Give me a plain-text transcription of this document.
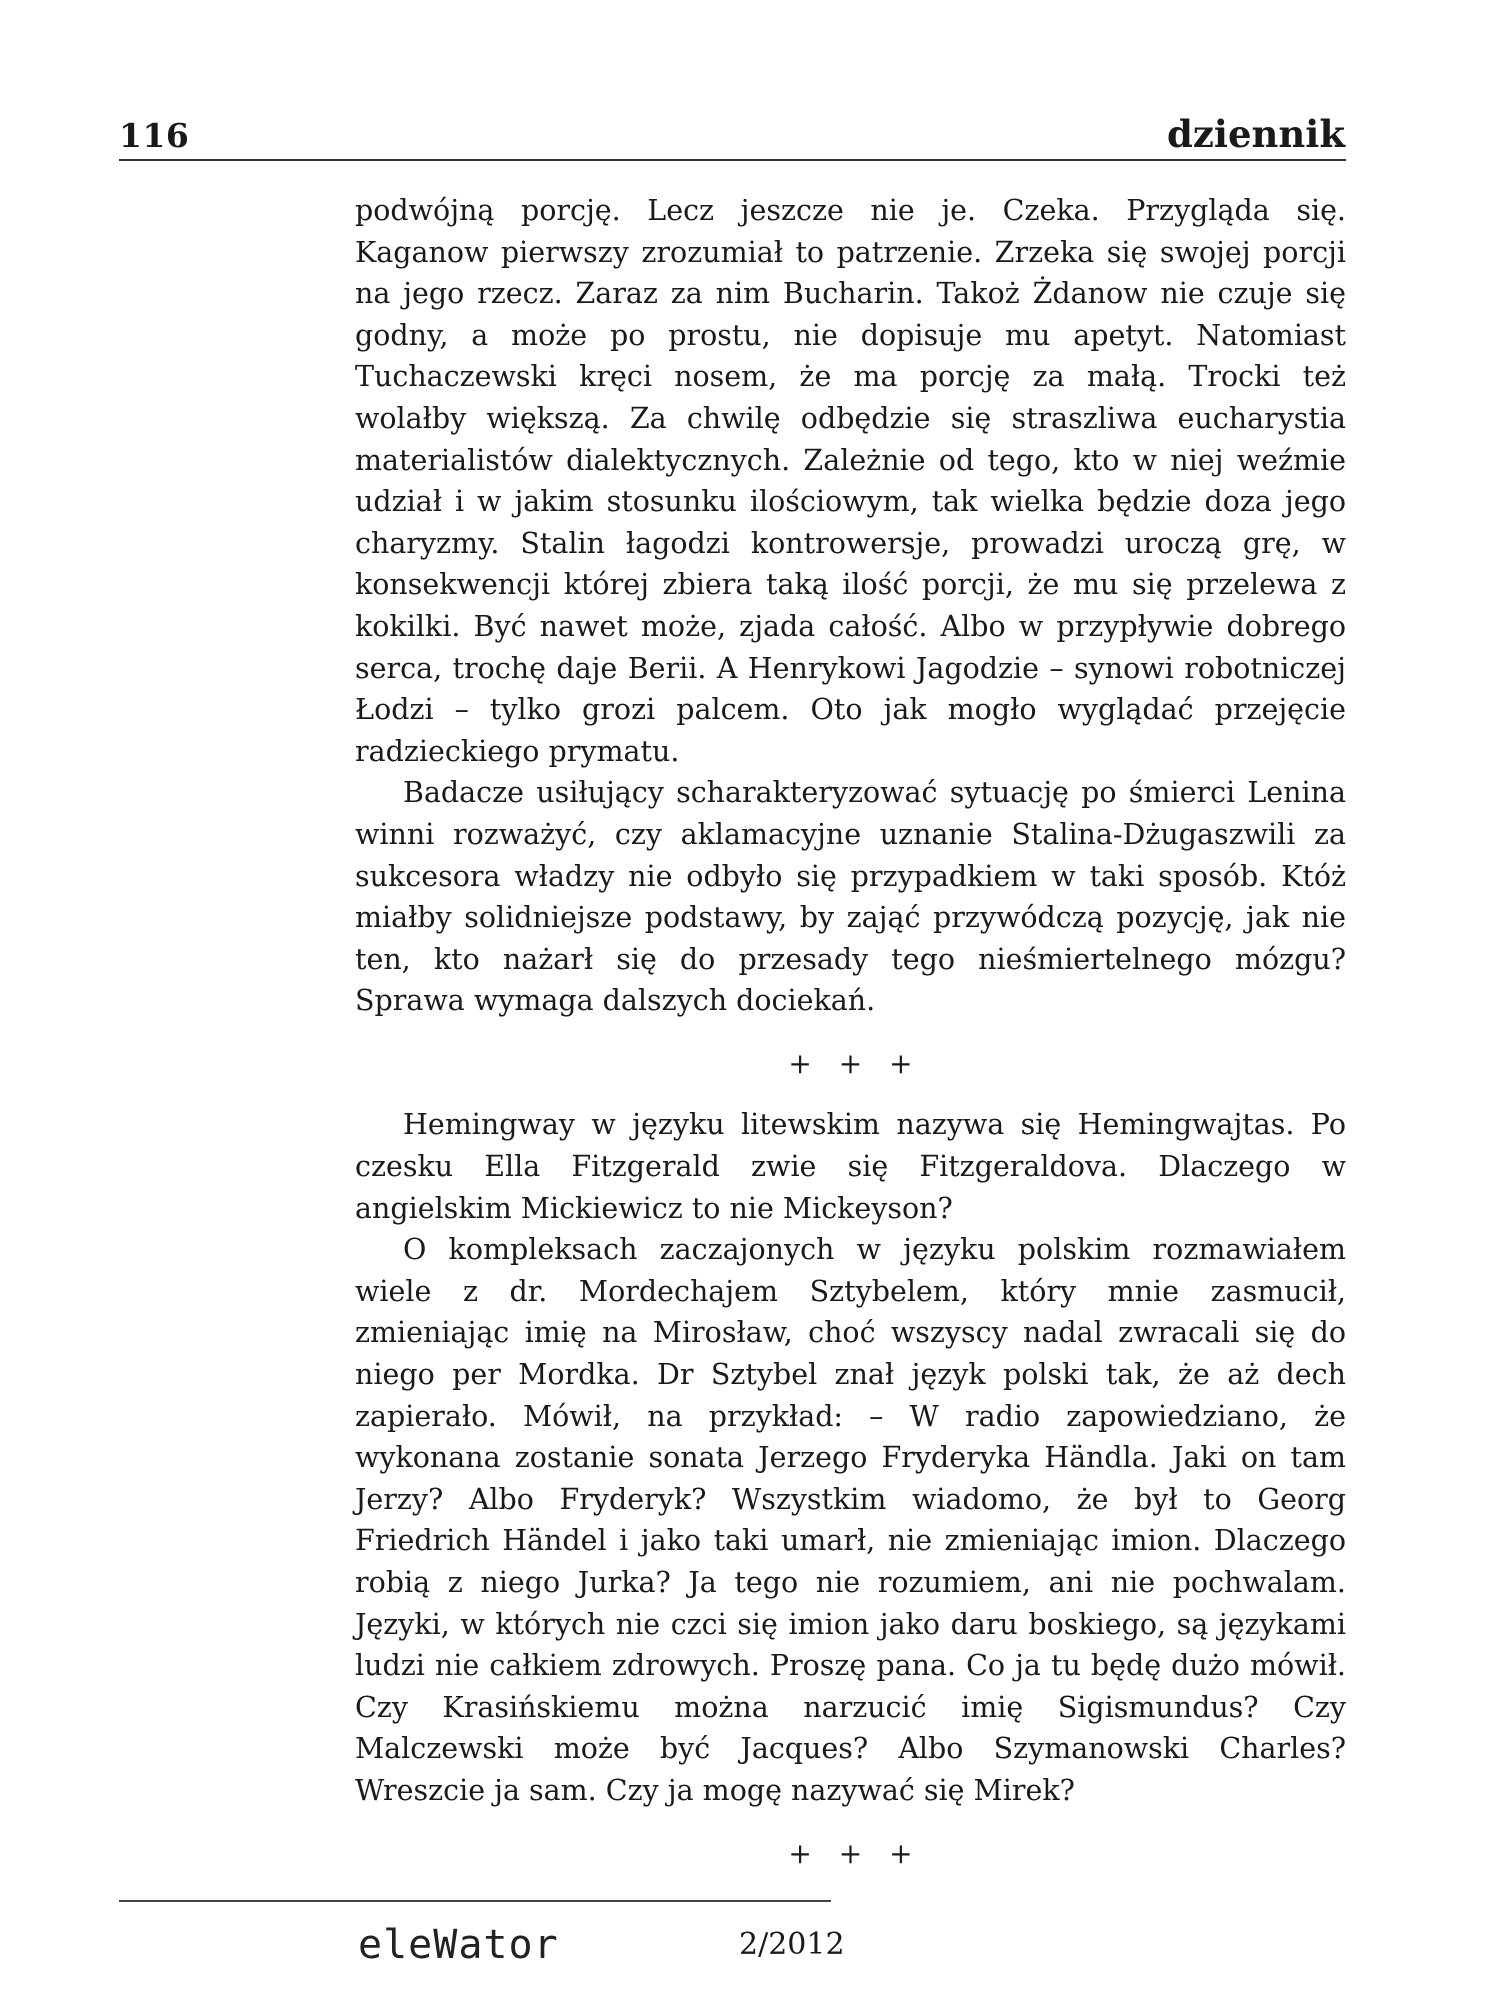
116	dziennik

podwójną porcję. Lecz jeszcze nie je. Czeka. Przygląda się. Kaganow pierwszy zrozumiał to patrzenie. Zrzeka się swojej porcji na jego rzecz. Zaraz za nim Bucharin. Takoż Żdanow nie czuje się godny, a może po prostu, nie dopisuje mu apetyt. Natomiast Tuchaczewski kręci nosem, że ma porcję za małą. Trocki też wolałby większą. Za chwilę odbędzie się straszliwa eucharystia materialistów dialektycznych. Zależnie od tego, kto w niej weźmie udział i w jakim stosunku ilościowym, tak wielka będzie doza jego charyzmy. Stalin łagodzi kontrowersje, prowadzi uroczą grę, w konsekwencji której zbiera taką ilość porcji, że mu się przelewa z kokilki. Być nawet może, zjada całość. Albo w przypływie dobrego serca, trochę daje Berii. A Henrykowi Jagodzie – synowi robotniczej Łodzi – tylko grozi palcem. Oto jak mogło wyglądać przejęcie radzieckiego prymatu.

Badacze usiłujący scharakteryzować sytuację po śmierci Lenina winni rozważyć, czy aklamacyjne uznanie Stalina-Dżugaszwili za sukcesora władzy nie odbyło się przypadkiem w taki sposób. Któż miałby solidniejsze podstawy, by zająć przywódczą pozycję, jak nie ten, kto nażarł się do przesady tego nieśmiertelnego mózgu? Sprawa wymaga dalszych dociekań.

+ + +

Hemingway w języku litewskim nazywa się Hemingwajtas. Po czesku Ella Fitzgerald zwie się Fitzgeraldova. Dlaczego w angielskim Mickiewicz to nie Mickeyson?

O kompleksach zaczajonych w języku polskim rozmawiałem wiele z dr. Mordechajem Sztybelem, który mnie zasmucił, zmieniając imię na Mirosław, choć wszyscy nadal zwracali się do niego per Mordka. Dr Sztybel znał język polski tak, że aż dech zapierało. Mówił, na przykład: – W radio zapowiedziano, że wykonana zostanie sonata Jerzego Fryderyka Händla. Jaki on tam Jerzy? Albo Fryderyk? Wszystkim wiadomo, że był to Georg Friedrich Händel i jako taki umarł, nie zmieniając imion. Dlaczego robią z niego Jurka? Ja tego nie rozumiem, ani nie pochwalam. Języki, w których nie czci się imion jako daru boskiego, są językami ludzi nie całkiem zdrowych. Proszę pana. Co ja tu będę dużo mówił. Czy Krasińskiemu można narzucić imię Sigismundus? Czy Malczewski może być Jacques? Albo Szymanowski Charles? Wreszcie ja sam. Czy ja mogę nazywać się Mirek?

+ + +
eleWator	2/2012
